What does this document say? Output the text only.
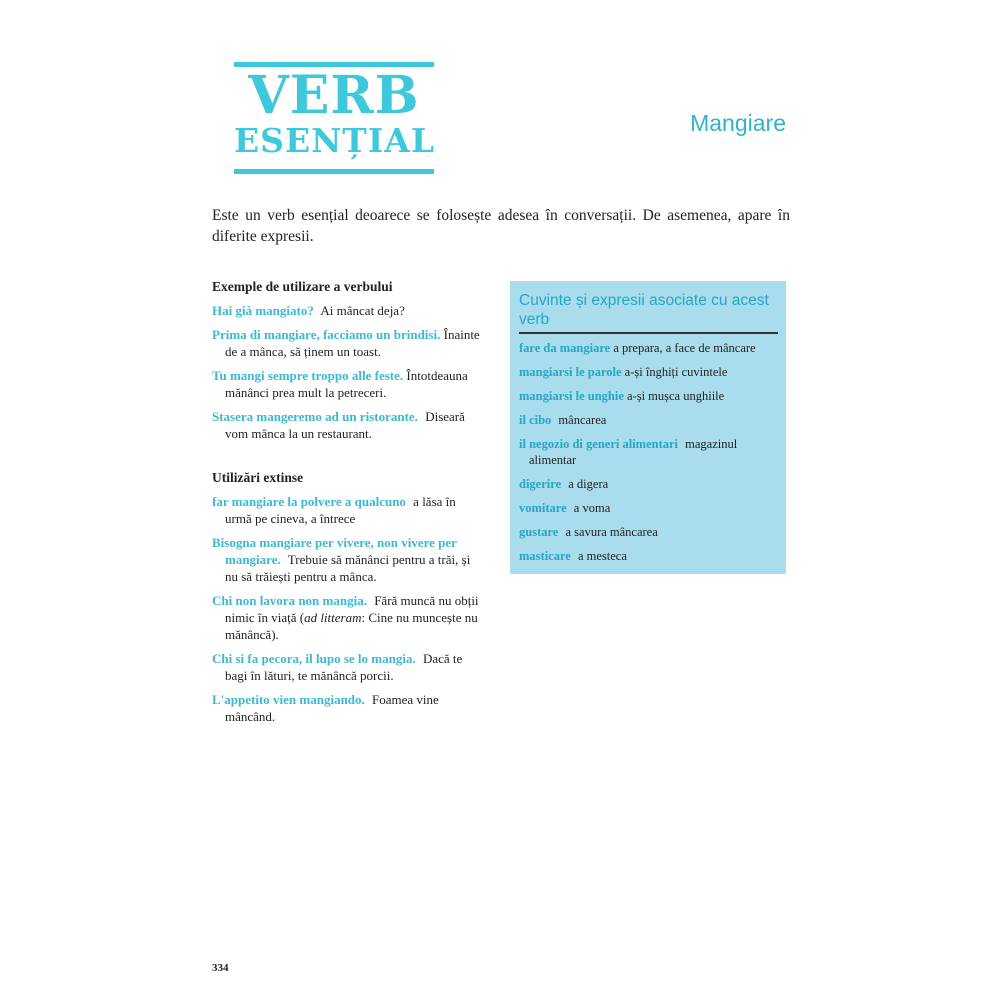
VERB
ESENȚIAL	Mangiare

Este un verb esențial deoarece se folosește adesea în conversații. De asemenea, apare în diferite expresii.

Exemple de utilizare a verbului
Hai già mangiato? Ai mâncat deja?
Prima di mangiare, facciamo un brindisi. Înainte de a mânca, să ținem un toast.
Tu mangi sempre troppo alle feste. Întotdeauna mănânci prea mult la petreceri.
Stasera mangeremo ad un ristorante. Diseară vom mânca la un restaurant.
Utilizări extinse
far mangiare la polvere a qualcuno a lăsa în urmă pe cineva, a întrece
Bisogna mangiare per vivere, non vivere per mangiare. Trebuie să mănânci pentru a trăi, și nu să trăiești pentru a mânca.
Chi non lavora non mangia. Fără muncă nu obții nimic în viață (ad litteram: Cine nu muncește nu mănâncă).
Chi si fa pecora, il lupo se lo mangia. Dacă te bagi în lături, te mănâncă porcii.
L'appetito vien mangiando. Foamea vine mâncând.
Cuvinte și expresii asociate cu acest verb
fare da mangiare a prepara, a face de mâncare
mangiarsi le parole a-și înghiți cuvintele
mangiarsi le unghie a-și mușca unghiile
il cibo mâncarea
il negozio di generi alimentari magazinul alimentar
digerire a digera
vomitare a voma
gustare a savura mâncarea
masticare a mesteca
334
